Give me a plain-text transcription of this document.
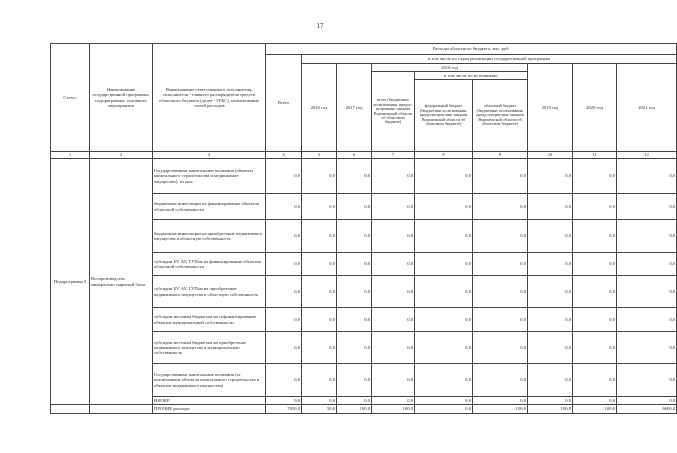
17
Статус	Наименование государственной программы, подпрограммы, основного мероприятия	Наименование ответственного исполнителя, исполнителя - главного распорядителя средств областного бюджета (далее - ГРБС), наименование статей расходов	Расходы областного бюджета, тыс. руб.								
			Всего	в том числе по годам реализации государственной программы							
				2016 год	2017 год	2018 год			2019 год	2020 год	2021 год
						всего (бюджетные ассигнования, предус-мотренные законом Воронежской области об областном бюджете)	в том числе по источникам:				
							федеральный бюджет (бюджетные ассигнования, предусмотрен-ные законом Воронежской области об областном бюджете)	областной бюджет (бюджетные ассигнования, предусмотрен-ные законом Воронежской области об областном бюджете)			
1	2	3	4	5	6	7	8	9	10	11	12
Подпрограмма 3	Воспроизводство минерально-сырьевой базы	Государственные капитальные вложения (объекты капитального строительства и недвижимое имущество), из них:	0,0	0,0	0,0	0,0	0,0	0,0	0,0	0,0	0,0
		бюджетные инвестиции на финансирование объектов областной собственности	0,0	0,0	0,0	0,0	0,0	0,0	0,0	0,0	0,0
		бюджетные инвестиции на приобретение недвижимого имущества в областную собственность	0,0	0,0	0,0	0,0	0,0	0,0	0,0	0,0	0,0
		субсидии БУ, АУ, ГУПам на финансирование объектов областной собственности	0,0	0,0	0,0	0,0	0,0	0,0	0,0	0,0	0,0
		субсидии БУ, АУ, ГУПам на приобретение недвижимого имущества в областную собственность	0,0	0,0	0,0	0,0	0,0	0,0	0,0	0,0	0,0
		субсидии местным бюджетам на софинансирование объектов муниципальной собственности	0,0	0,0	0,0	0,0	0,0	0,0	0,0	0,0	0,0
		субсидии местным бюджетам на приобретение недвижимого имущества в муниципальную собственность	0,0	0,0	0,0	0,0	0,0	0,0	0,0	0,0	0,0
		Государственные капитальные вложения (за исключением объектов капитального строительства и объектов недвижимого имущества)	0,0	0,0	0,0	0,0	0,0	0,0	0,0	0,0	0,0
		НИОКР	0,0	0,0	0,0	0,0	0,0	0,0	0,0	0,0	0,0
		ПРОЧИЕ расходы	7050,0	50,0	100,0	100,0	0,0	100,0	100,0	100,0	6600,0
